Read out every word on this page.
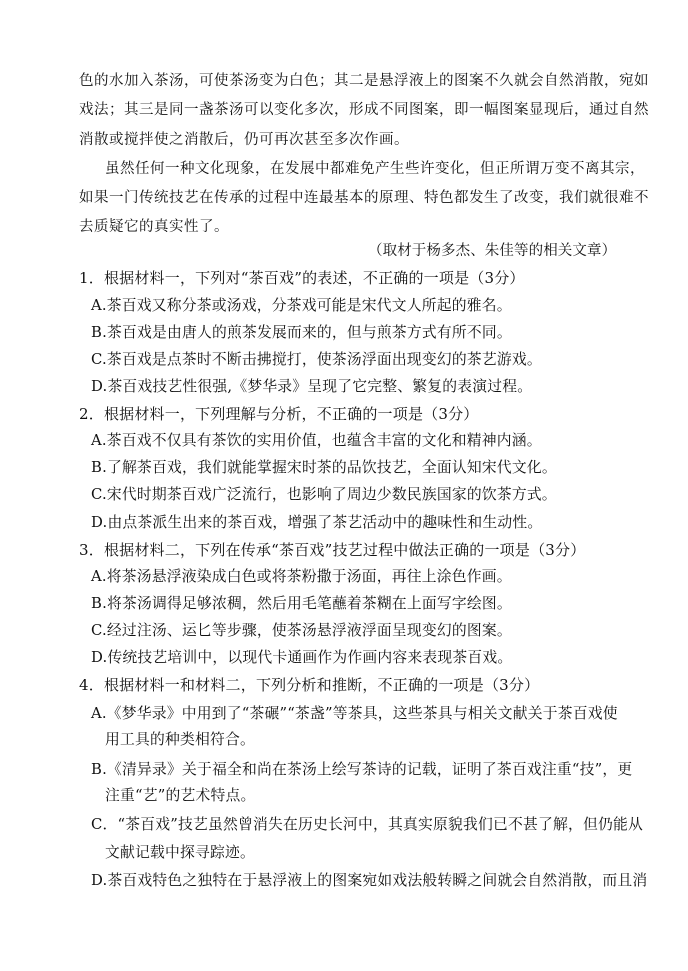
色的水加入茶汤，可使茶汤变为白色；其二是悬浮液上的图案不久就会自然消散，宛如
戏法；其三是同一盏茶汤可以变化多次，形成不同图案，即一幅图案显现后，通过自然
消散或搅拌使之消散后，仍可再次甚至多次作画。
虽然任何一种文化现象，在发展中都难免产生些许变化，但正所谓万变不离其宗，
如果一门传统技艺在传承的过程中连最基本的原理、特色都发生了改变，我们就很难不
去质疑它的真实性了。
（取材于杨多杰、朱佳等的相关文章）
1．根据材料一，下列对“茶百戏”的表述，不正确的一项是（3分）
A.茶百戏又称分茶或汤戏，分茶戏可能是宋代文人所起的雅名。
B.茶百戏是由唐人的煎茶发展而来的，但与煎茶方式有所不同。
C.茶百戏是点茶时不断击拂搅打，使茶汤浮面出现变幻的茶艺游戏。
D.茶百戏技艺性很强,《梦华录》呈现了它完整、繁复的表演过程。
2．根据材料一，下列理解与分析，不正确的一项是（3分）
A.茶百戏不仅具有茶饮的实用价值，也蕴含丰富的文化和精神内涵。
B.了解茶百戏，我们就能掌握宋时茶的品饮技艺，全面认知宋代文化。
C.宋代时期茶百戏广泛流行，也影响了周边少数民族国家的饮茶方式。
D.由点茶派生出来的茶百戏，增强了茶艺活动中的趣味性和生动性。
3．根据材料二，下列在传承“茶百戏”技艺过程中做法正确的一项是（3分）
A.将茶汤悬浮液染成白色或将茶粉撒于汤面，再往上涂色作画。
B.将茶汤调得足够浓稠，然后用毛笔蘸着茶糊在上面写字绘图。
C.经过注汤、运匕等步骤，使茶汤悬浮液浮面呈现变幻的图案。
D.传统技艺培训中，以现代卡通画作为作画内容来表现茶百戏。
4．根据材料一和材料二，下列分析和推断，不正确的一项是（3分）
A.《梦华录》中用到了“茶碾”“茶盏”等茶具，这些茶具与相关文献关于茶百戏使
用工具的种类相符合。
B.《清异录》关于福全和尚在茶汤上绘写茶诗的记载，证明了茶百戏注重“技”，更
注重“艺”的艺术特点。
C．“茶百戏”技艺虽然曾消失在历史长河中，其真实原貌我们已不甚了解，但仍能从
文献记载中探寻踪迹。
D.茶百戏特色之独特在于悬浮液上的图案宛如戏法般转瞬之间就会自然消散，而且消
